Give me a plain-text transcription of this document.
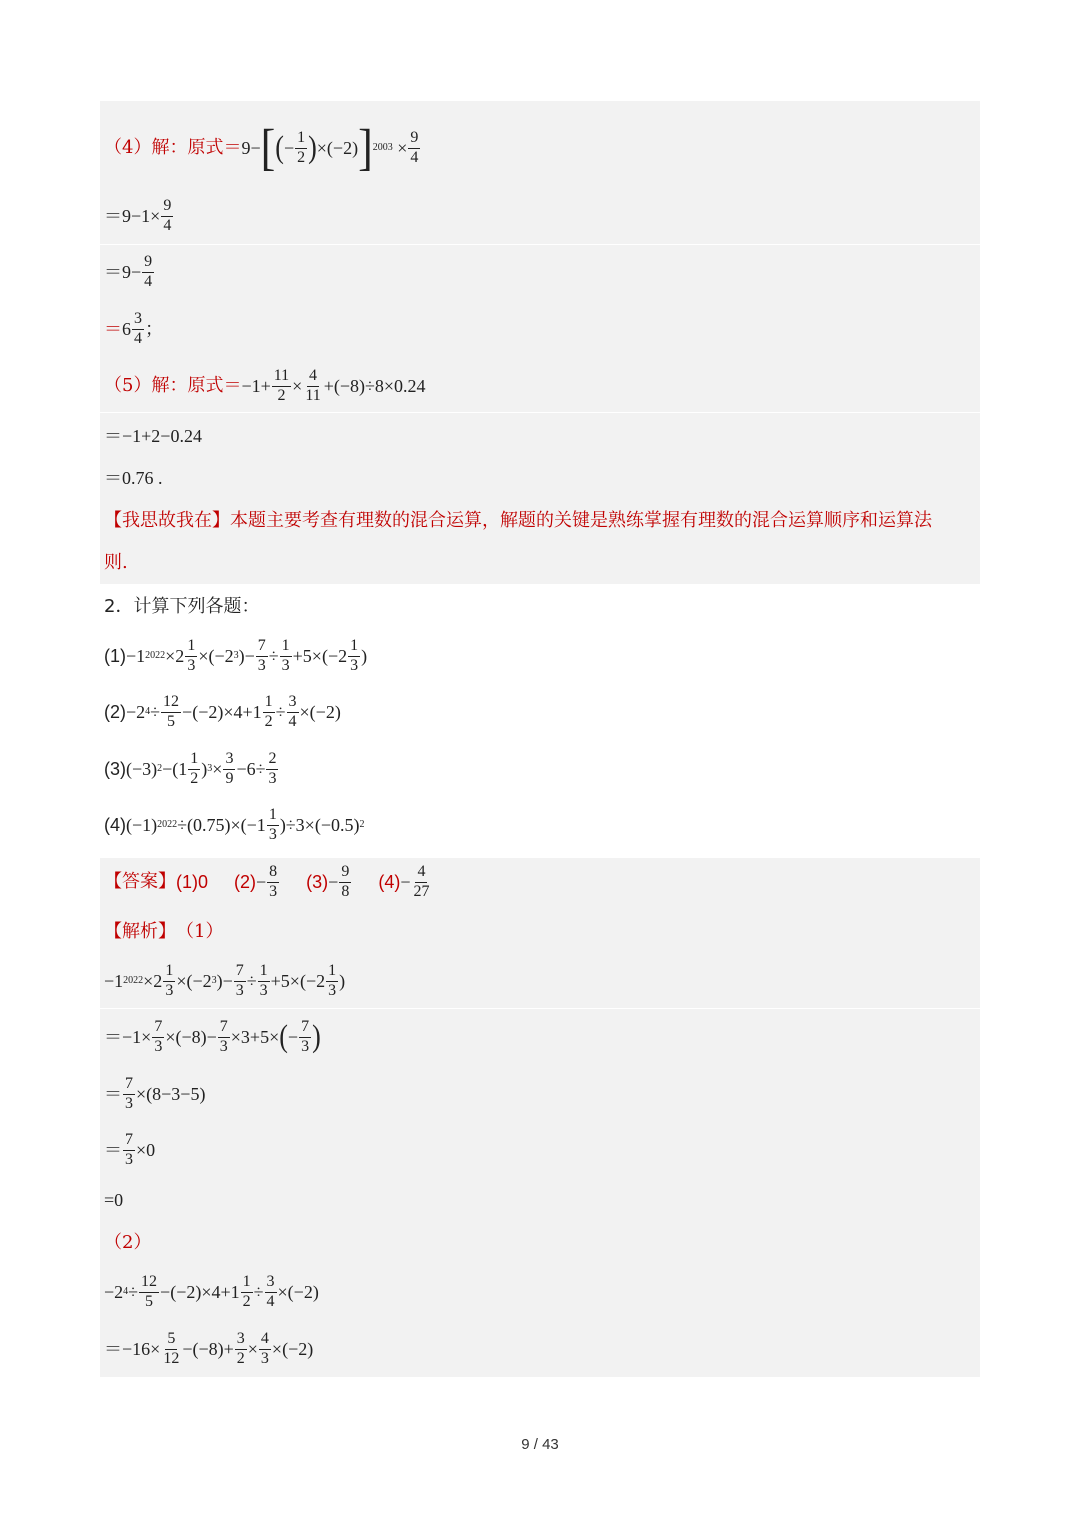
（4）解：原式＝ 9− [ ( − $\frac{1}{2}$ ) ×(−2) ] $2003 \times \frac{9}{4}$
$=9-1\times \frac{9}{4}$
$=9- \frac{9}{4}$
＝ $6 \frac{3}{4}$ ；
（5）解：原式＝ $-1+ \frac{11}{2} \times \frac{4}{11} +(-8)\div 8\times 0.24$
＝−1+2−0.24
＝0.76 .
【我思故我在】 本题主要考查有理数的混合运算，解题的关键是熟练掌握有理数的混合运算顺序和运算法
则.
2．计算下列各题：
(1) −1 $2022 \times 2 \frac{1}{3} \times(-2$ 3 )− $\frac{7}{3} \div \frac{1}{3} +5\times(-2 \frac{1}{3}$ )
(2) −2 $4 \div \frac{12}{5} -(-2)\times 4+1 \frac{1}{2} \div \frac{3}{4} \times(-2)$
(3) (−3) $2 -(1 \frac{1}{2}$ ) $3 \times \frac{3}{9} -6\div \frac{2}{3}$
(4) (−1) $2022 \div(0.75)\times(-1 \frac{1}{3} )\div 3\times(-0.5)$ 2
【答案】 (1)0 $(2) - \frac{8}{3} (3) - \frac{9}{8} (4) - \frac{4}{27}$
【解析】 （1）
−1 $2022 \times 2 \frac{1}{3} \times(-2$ 3 )− $\frac{7}{3} \div \frac{1}{3} +5\times(-2 \frac{1}{3}$ )
$=-1\times \frac{7}{3} \times(-8)- \frac{7}{3} \times 3+5\times$ ( − $\frac{7}{3}$ )
＝ $\frac{7}{3} \times(8-3-5)$
＝ $\frac{7}{3} \times 0$
=0
（2）
−2 $4 \div \frac{12}{5} -(-2)\times 4+1 \frac{1}{2} \div \frac{3}{4} \times(-2)$
$=-16\times \frac{5}{12} -(-8)+ \frac{3}{2} \times \frac{4}{3} \times(-2)$
9 / 43
